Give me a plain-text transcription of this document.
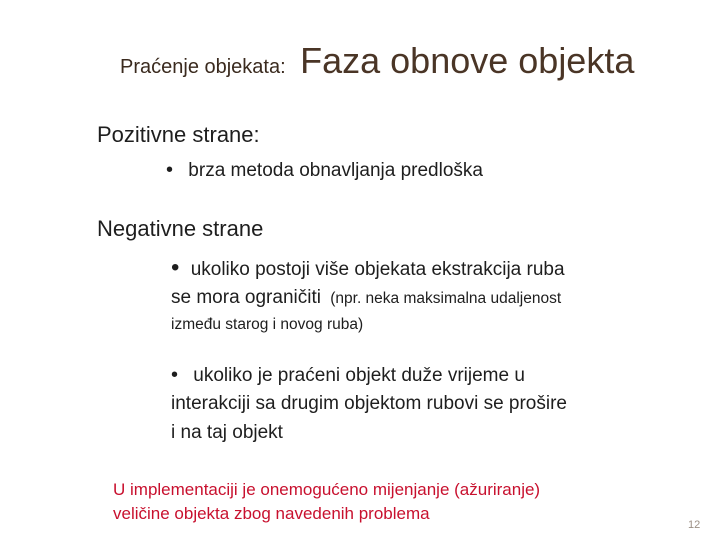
Praćenje objekata: Faza obnove objekta
Pozitivne strane:
• brza metoda obnavljanja predloška
Negativne strane
• ukoliko postoji više objekata ekstrakcija ruba
se mora ograničiti (npr. neka maksimalna udaljenost
između starog i novog ruba)
• ukoliko je praćeni objekt duže vrijeme u
interakciji sa drugim objektom rubovi se prošire
i na taj objekt
U implementaciji je onemogućeno mijenjanje (ažuriranje)
veličine objekta zbog navedenih problema
12
